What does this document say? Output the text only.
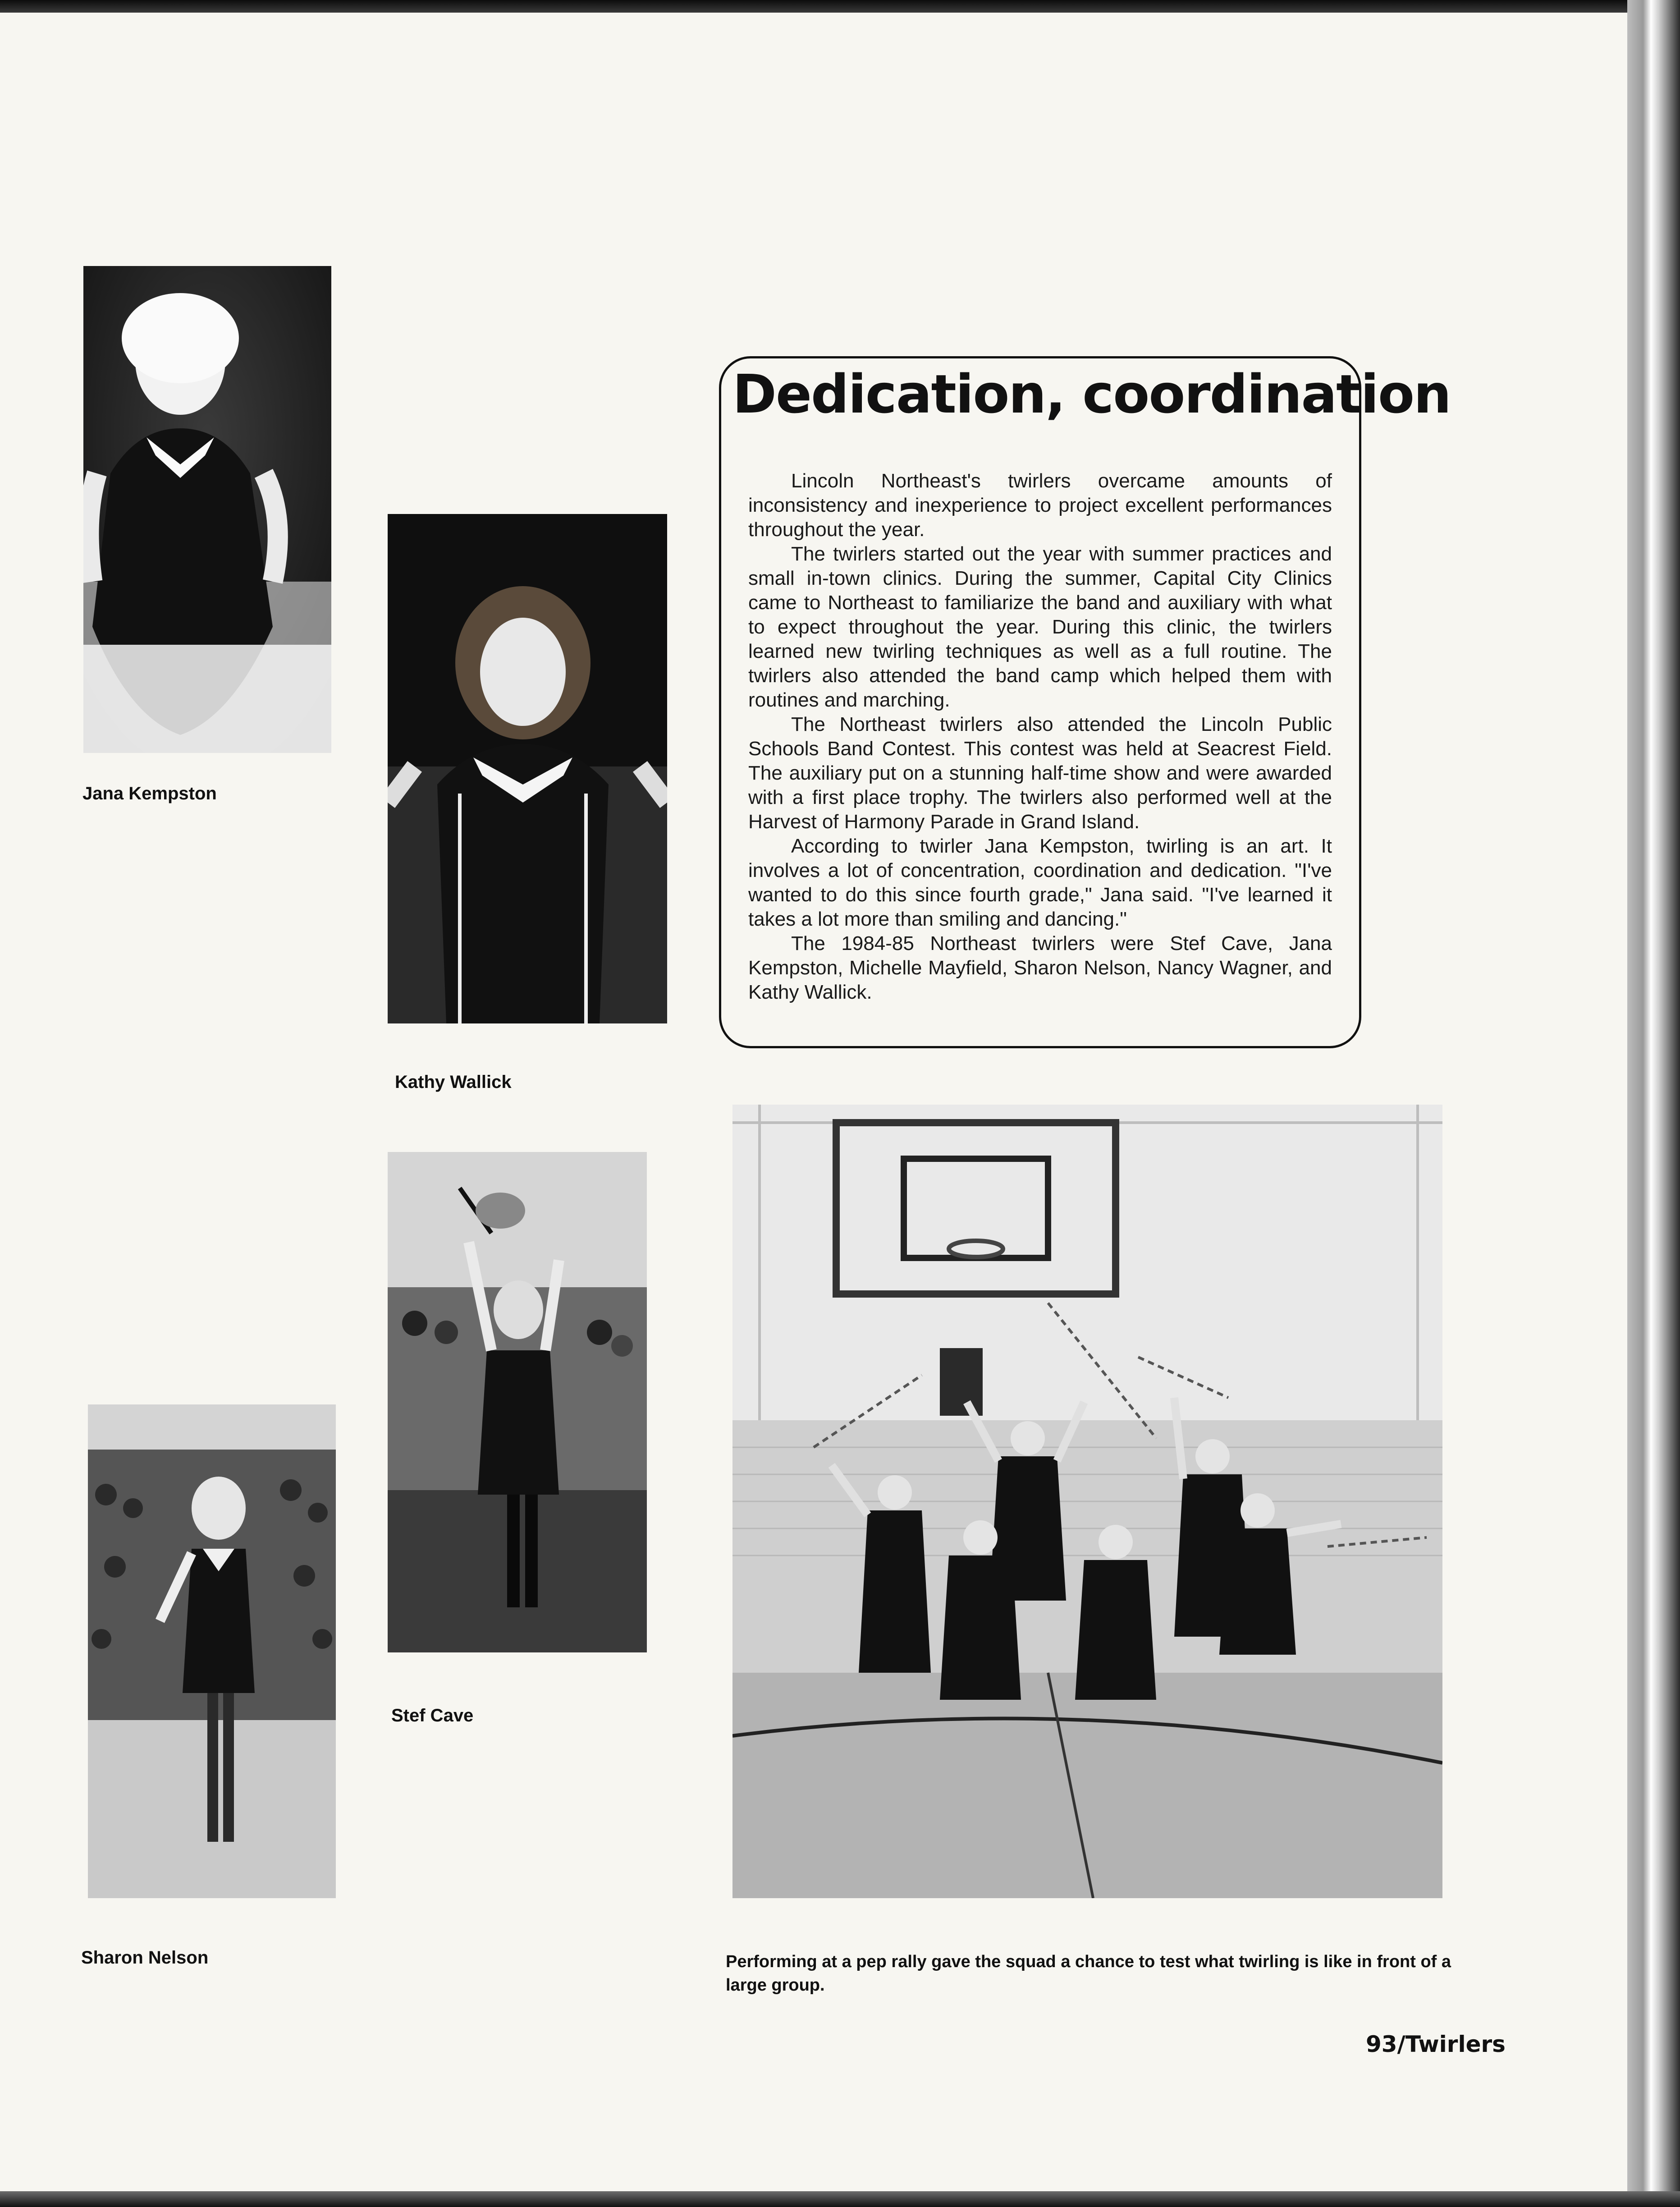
Jana Kempston
Kathy Wallick
Stef Cave
Sharon Nelson
Dedication, coordination

Lincoln Northeast's twirlers overcame amounts of inconsistency and inexperience to project excellent performances throughout the year.

The twirlers started out the year with summer practices and small in-town clinics. During the summer, Capital City Clinics came to Northeast to familiarize the band and auxiliary with what to expect throughout the year. During this clinic, the twirlers learned new twirling techniques as well as a full routine. The twirlers also attended the band camp which helped them with routines and marching.

The Northeast twirlers also attended the Lincoln Public Schools Band Contest. This contest was held at Seacrest Field. The auxiliary put on a stunning half-time show and were awarded with a first place trophy. The twirlers also performed well at the Harvest of Harmony Parade in Grand Island.

According to twirler Jana Kempston, twirling is an art. It involves a lot of concentration, coordination and dedication. "I've wanted to do this since fourth grade," Jana said. "I've learned it takes a lot more than smiling and dancing."

The 1984-85 Northeast twirlers were Stef Cave, Jana Kempston, Michelle Mayfield, Sharon Nelson, Nancy Wagner, and Kathy Wallick.

Performing at a pep rally gave the squad a chance to test what twirling is like in front of a large group.
93/Twirlers
